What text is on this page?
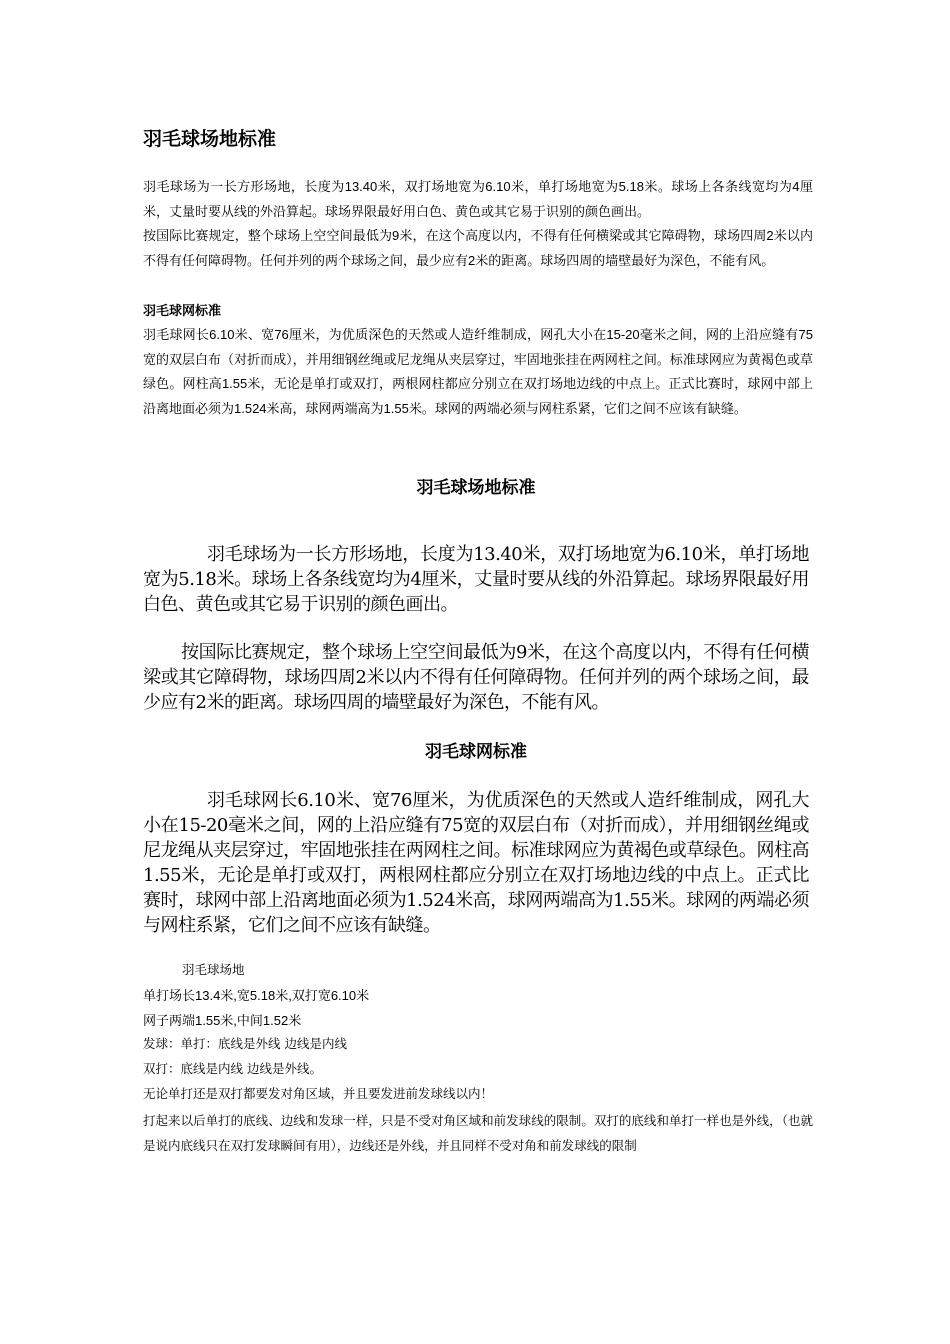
羽毛球场地标准
羽毛球场为一长方形场地，长度为13.40米，双打场地宽为6.10米，单打场地宽为5.18米。球场上各条线宽均为4厘米，丈量时要从线的外沿算起。球场界限最好用白色、黄色或其它易于识别的颜色画出。
按国际比赛规定，整个球场上空空间最低为9米，在这个高度以内，不得有任何横梁或其它障碍物，球场四周2米以内不得有任何障碍物。任何并列的两个球场之间，最少应有2米的距离。球场四周的墙壁最好为深色，不能有风。
羽毛球网标准
羽毛球网长6.10米、宽76厘米，为优质深色的天然或人造纤维制成，网孔大小在15-20毫米之间，网的上沿应缝有75宽的双层白布（对折而成），并用细钢丝绳或尼龙绳从夹层穿过，牢固地张挂在两网柱之间。标准球网应为黄褐色或草绿色。网柱高1.55米，无论是单打或双打，两根网柱都应分别立在双打场地边线的中点上。正式比赛时，球网中部上沿离地面必须为1.524米高，球网两端高为1.55米。球网的两端必须与网柱系紧，它们之间不应该有缺缝。
羽毛球场地标准
羽毛球场为一长方形场地，长度为13.40米，双打场地宽为6.10米，单打场地宽为5.18米。球场上各条线宽均为4厘米，丈量时要从线的外沿算起。球场界限最好用白色、黄色或其它易于识别的颜色画出。
按国际比赛规定，整个球场上空空间最低为9米，在这个高度以内，不得有任何横梁或其它障碍物，球场四周2米以内不得有任何障碍物。任何并列的两个球场之间，最少应有2米的距离。球场四周的墙壁最好为深色，不能有风。
羽毛球网标准
羽毛球网长6.10米、宽76厘米，为优质深色的天然或人造纤维制成，网孔大小在15-20毫米之间，网的上沿应缝有75宽的双层白布（对折而成），并用细钢丝绳或尼龙绳从夹层穿过，牢固地张挂在两网柱之间。标准球网应为黄褐色或草绿色。网柱高1.55米，无论是单打或双打，两根网柱都应分别立在双打场地边线的中点上。正式比赛时，球网中部上沿离地面必须为1.524米高，球网两端高为1.55米。球网的两端必须与网柱系紧，它们之间不应该有缺缝。
羽毛球场地
单打场长13.4米,宽5.18米,双打宽6.10米
网子两端1.55米,中间1.52米
发球：单打：底线是外线 边线是内线
双打：底线是内线 边线是外线。
无论单打还是双打都要发对角区域，并且要发进前发球线以内！
打起来以后单打的底线、边线和发球一样，只是不受对角区域和前发球线的限制。双打的底线和单打一样也是外线，（也就是说内底线只在双打发球瞬间有用），边线还是外线，并且同样不受对角和前发球线的限制
